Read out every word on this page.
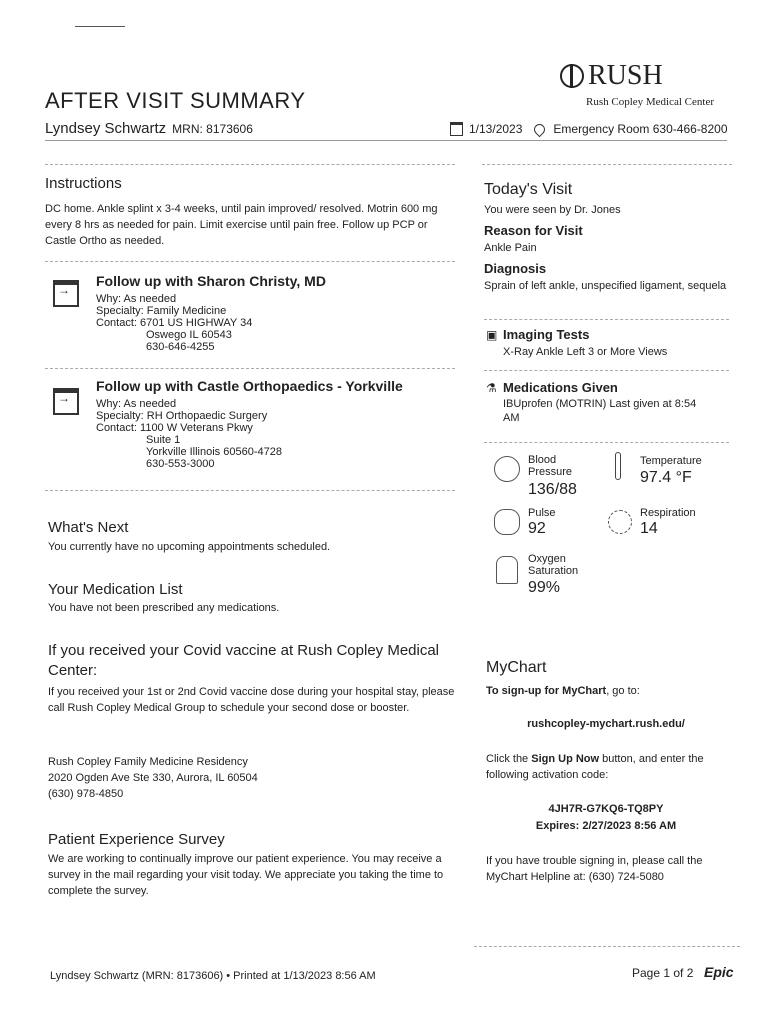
AFTER VISIT SUMMARY
RUSH
Rush Copley Medical Center
Lyndsey Schwartz MRN: 8173606	1/13/2023	Emergency Room 630-466-8200
Instructions
DC home. Ankle splint x 3-4 weeks, until pain improved/ resolved. Motrin 600 mg every 8 hrs as needed for pain. Limit exercise until pain free. Follow up PCP or Castle Ortho as needed.
→
Follow up with Sharon Christy, MD
Why: As needed
Specialty: Family Medicine
Contact: 6701 US HIGHWAY 34
Oswego IL 60543
630-646-4255
→
Follow up with Castle Orthopaedics - Yorkville
Why: As needed
Specialty: RH Orthopaedic Surgery
Contact: 1100 W Veterans Pkwy
Suite 1
Yorkville Illinois 60560-4728
630-553-3000
What's Next
You currently have no upcoming appointments scheduled.
Your Medication List
You have not been prescribed any medications.
If you received your Covid vaccine at Rush Copley Medical Center:
If you received your 1st or 2nd Covid vaccine dose during your hospital stay, please call Rush Copley Medical Group to schedule your second dose or booster.
Rush Copley Family Medicine Residency
2020 Ogden Ave Ste 330, Aurora, IL 60504
(630) 978-4850
Patient Experience Survey
We are working to continually improve our patient experience. You may receive a survey in the mail regarding your visit today. We appreciate you taking the time to complete the survey.
Today's Visit
You were seen by Dr. Jones
Reason for Visit
Ankle Pain
Diagnosis
Sprain of left ankle, unspecified ligament, sequela
▣ Imaging Tests
X-Ray Ankle Left 3 or More Views
⚗ Medications Given
IBUprofen (MOTRIN) Last given at 8:54 AM
Blood
Pressure
136/88
Temperature
97.4 °F
Pulse
92
Respiration
14
Oxygen
Saturation
99%
MyChart
To sign-up for MyChart, go to:
rushcopley-mychart.rush.edu/
Click the Sign Up Now button, and enter the following activation code:
4JH7R-G7KQ6-TQ8PY
Expires: 2/27/2023 8:56 AM
If you have trouble signing in, please call the MyChart Helpline at: (630) 724-5080
Lyndsey Schwartz (MRN: 8173606) • Printed at 1/13/2023 8:56 AM	Page 1 of 2 Epic
